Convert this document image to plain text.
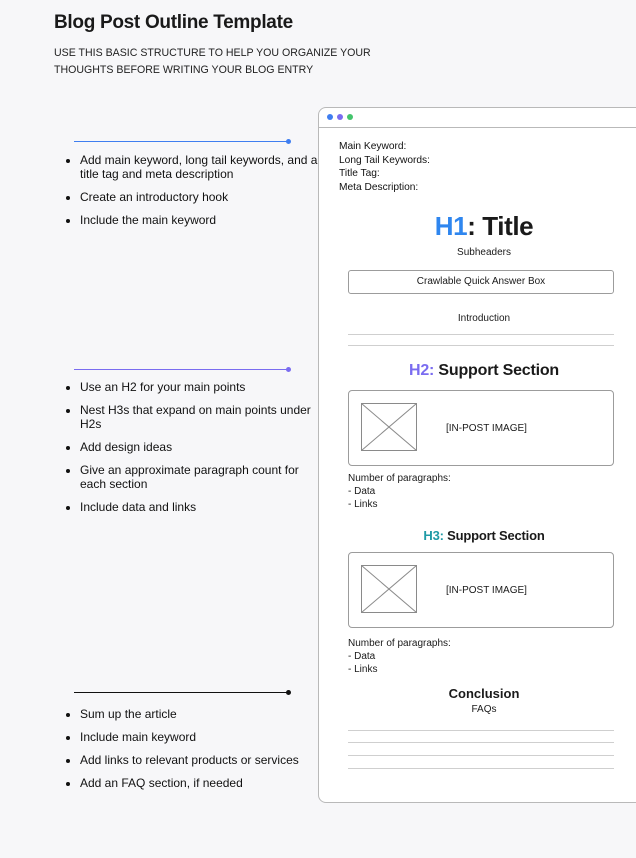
Blog Post Outline Template

USE THIS BASIC STRUCTURE TO HELP YOU ORGANIZE YOUR THOUGHTS BEFORE WRITING YOUR BLOG ENTRY

• Add main keyword, long tail keywords, and a title tag and meta description
• Create an introductory hook
• Include the main keyword
• Use an H2 for your main points
• Nest H3s that expand on main points under H2s
• Add design ideas
• Give an approximate paragraph count for each section
• Include data and links
• Sum up the article
• Include main keyword
• Add links to relevant products or services
• Add an FAQ section, if needed
Main Keyword:
Long Tail Keywords:
Title Tag:
Meta Description:
H1: Title
Subheaders
Crawlable Quick Answer Box
Introduction
H2: Support Section
[IN-POST IMAGE]
Number of paragraphs:
- Data
- Links
H3: Support Section
[IN-POST IMAGE]
Number of paragraphs:
- Data
- Links
Conclusion
FAQs
